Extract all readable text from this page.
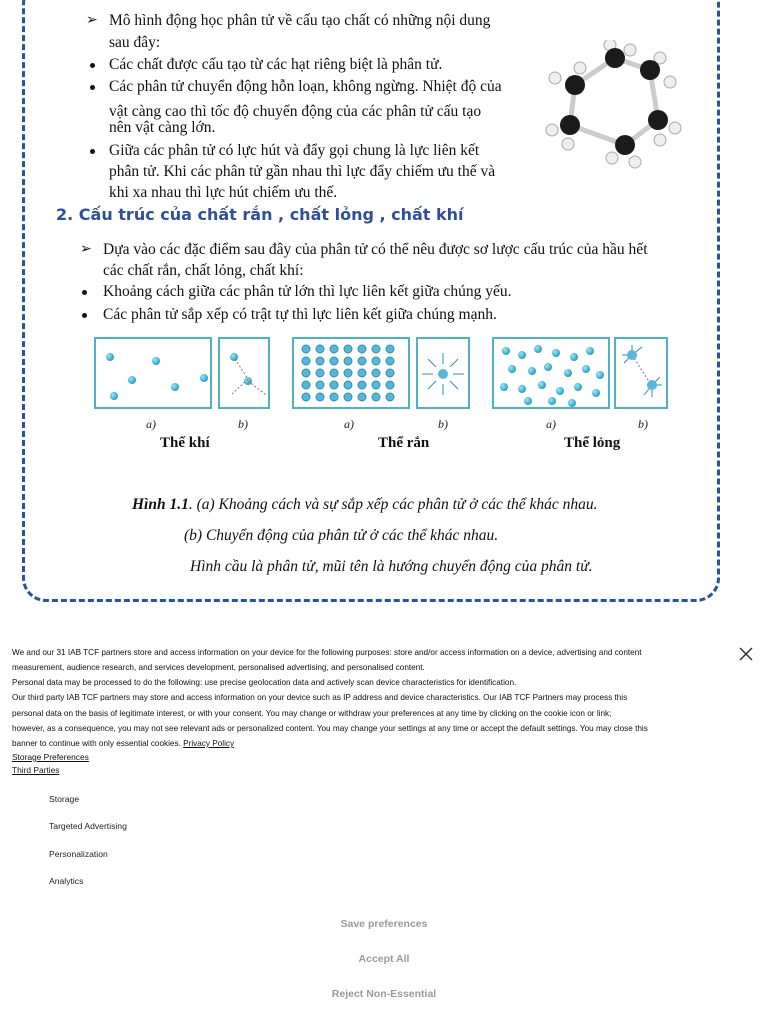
➢ Mô hình động học phân tử về cấu tạo chất có những nội dung
sau đây:
Các chất được cấu tạo từ các hạt riêng biệt là phân tử.
Các phân tử chuyển động hỗn loạn, không ngừng. Nhiệt độ của
vật càng cao thì tốc độ chuyển động của các phân tử cấu tạo
nên vật càng lớn.
Giữa các phân tử có lực hút và đẩy gọi chung là lực liên kết
phân tử. Khi các phân tử gần nhau thì lực đẩy chiếm ưu thế và
khi xa nhau thì lực hút chiếm ưu thế.
2. Cấu trúc của chất rắn , chất lỏng , chất khí
➢ Dựa vào các đặc điểm sau đây của phân tử có thể nêu được sơ lược cấu trúc của hầu hết
các chất rắn, chất lỏng, chất khí:
Khoảng cách giữa các phân tử lớn thì lực liên kết giữa chúng yếu.
Các phân tử sắp xếp có trật tự thì lực liên kết giữa chúng mạnh.
a)	b)	a)	b)	a)	b)
Thể khí	Thể rắn	Thể lỏng
Hình 1.1. (a) Khoảng cách và sự sắp xếp các phân tử ở các thể khác nhau.
(b) Chuyển động của phân tử ở các thể khác nhau.
Hình cầu là phân tử, mũi tên là hướng chuyển động của phân tử.
We and our 31 IAB TCF partners store and access information on your device for the following purposes: store and/or access information on a device, advertising and content
measurement, audience research, and services development, personalised advertising, and personalised content.
Personal data may be processed to do the following: use precise geolocation data and actively scan device characteristics for identification.
Our third party IAB TCF partners may store and access information on your device such as IP address and device characteristics. Our IAB TCF Partners may process this
personal data on the basis of legitimate interest, or with your consent. You may change or withdraw your preferences at any time by clicking on the cookie icon or link;
however, as a consequence, you may not see relevant ads or personalized content. You may change your settings at any time or accept the default settings. You may close this
banner to continue with only essential cookies. Privacy Policy
Storage Preferences
Third Parties
Storage
Targeted Advertising
Personalization
Analytics
Save preferences
Accept All
Reject Non-Essential
